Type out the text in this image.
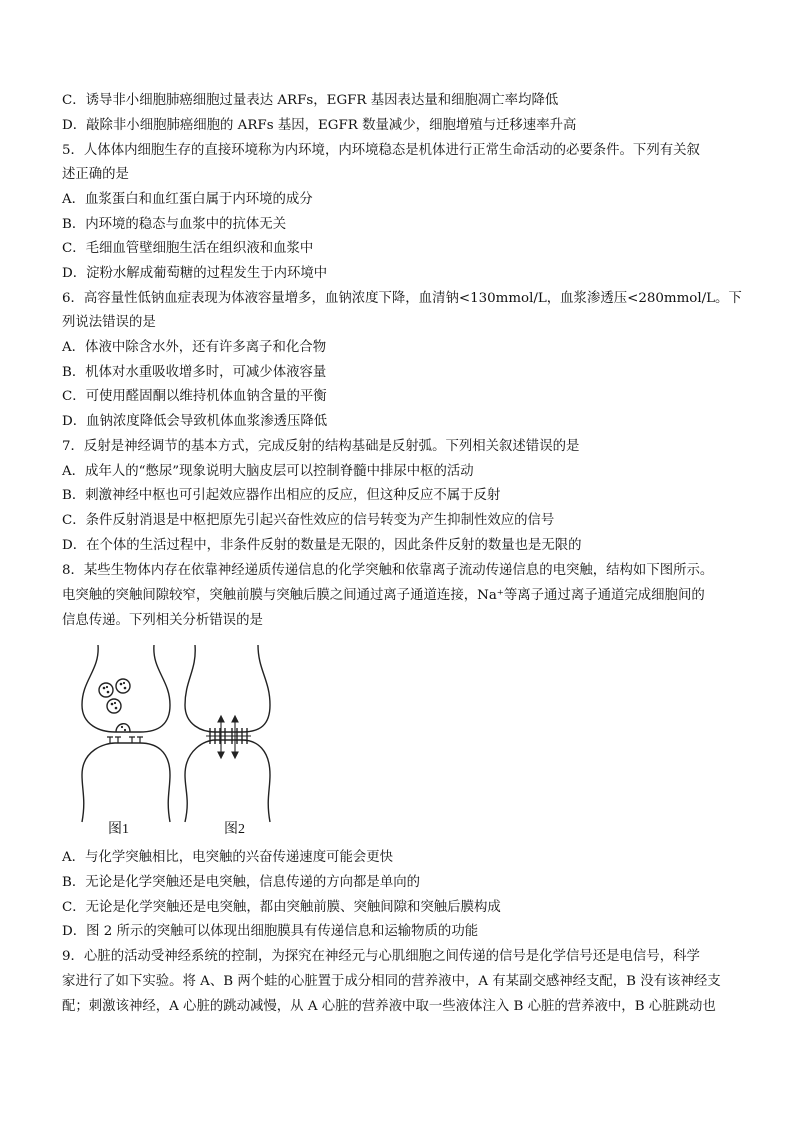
C．诱导非小细胞肺癌细胞过量表达 ARFs，EGFR 基因表达量和细胞凋亡率均降低
D．敲除非小细胞肺癌细胞的 ARFs 基因，EGFR 数量减少，细胞增殖与迁移速率升高
5．人体体内细胞生存的直接环境称为内环境，内环境稳态是机体进行正常生命活动的必要条件。下列有关叙
述正确的是
A．血浆蛋白和血红蛋白属于内环境的成分
B．内环境的稳态与血浆中的抗体无关
C．毛细血管壁细胞生活在组织液和血浆中
D．淀粉水解成葡萄糖的过程发生于内环境中
6．高容量性低钠血症表现为体液容量增多，血钠浓度下降，血清钠<130mmol/L，血浆渗透压<280mmol/L。下
列说法错误的是
A．体液中除含水外，还有许多离子和化合物
B．机体对水重吸收增多时，可减少体液容量
C．可使用醛固酮以维持机体血钠含量的平衡
D．血钠浓度降低会导致机体血浆渗透压降低
7．反射是神经调节的基本方式，完成反射的结构基础是反射弧。下列相关叙述错误的是
A．成年人的“憋尿”现象说明大脑皮层可以控制脊髓中排尿中枢的活动
B．刺激神经中枢也可引起效应器作出相应的反应，但这种反应不属于反射
C．条件反射消退是中枢把原先引起兴奋性效应的信号转变为产生抑制性效应的信号
D．在个体的生活过程中，非条件反射的数量是无限的，因此条件反射的数量也是无限的
8．某些生物体内存在依靠神经递质传递信息的化学突触和依靠离子流动传递信息的电突触，结构如下图所示。
电突触的突触间隙较窄，突触前膜与突触后膜之间通过离子通道连接，Na⁺等离子通过离子通道完成细胞间的
信息传递。下列相关分析错误的是
图1	图2
A．与化学突触相比，电突触的兴奋传递速度可能会更快
B．无论是化学突触还是电突触，信息传递的方向都是单向的
C．无论是化学突触还是电突触，都由突触前膜、突触间隙和突触后膜构成
D．图 2 所示的突触可以体现出细胞膜具有传递信息和运输物质的功能
9．心脏的活动受神经系统的控制，为探究在神经元与心肌细胞之间传递的信号是化学信号还是电信号，科学
家进行了如下实验。将 A、B 两个蛙的心脏置于成分相同的营养液中，A 有某副交感神经支配，B 没有该神经支
配；刺激该神经，A 心脏的跳动减慢，从 A 心脏的营养液中取一些液体注入 B 心脏的营养液中，B 心脏跳动也
